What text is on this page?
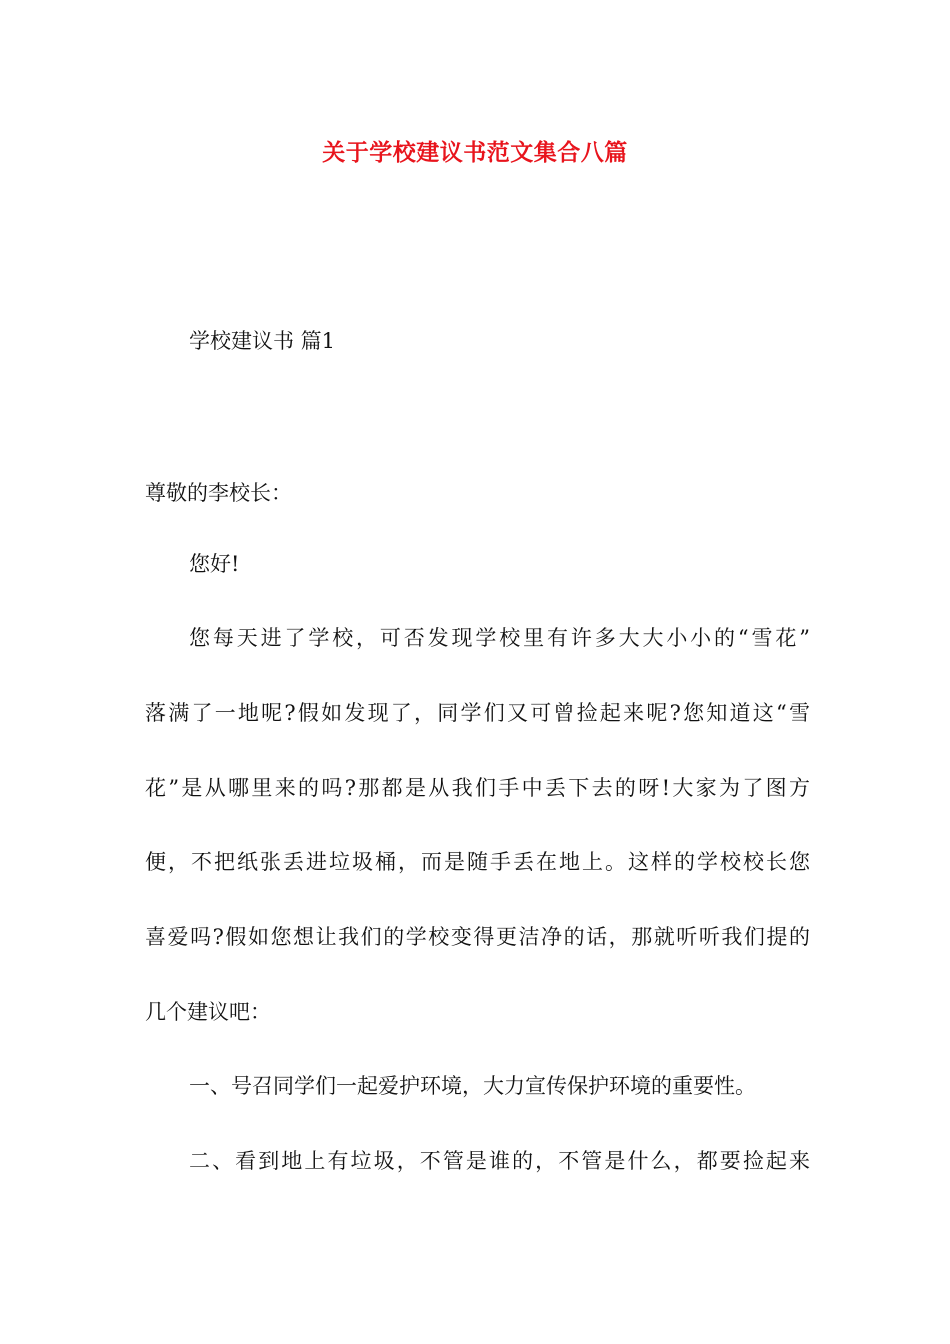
关于学校建议书范文集合八篇
学校建议书 篇1
尊敬的李校长：
您好!
您每天进了学校，可否发现学校里有许多大大小小的“雪花”
落满了一地呢?假如发现了，同学们又可曾捡起来呢?您知道这“雪
花”是从哪里来的吗?那都是从我们手中丢下去的呀!大家为了图方
便，不把纸张丢进垃圾桶，而是随手丢在地上。这样的学校校长您
喜爱吗?假如您想让我们的学校变得更洁净的话，那就听听我们提的
几个建议吧：
一、号召同学们一起爱护环境，大力宣传保护环境的重要性。
二、看到地上有垃圾，不管是谁的，不管是什么，都要捡起来
